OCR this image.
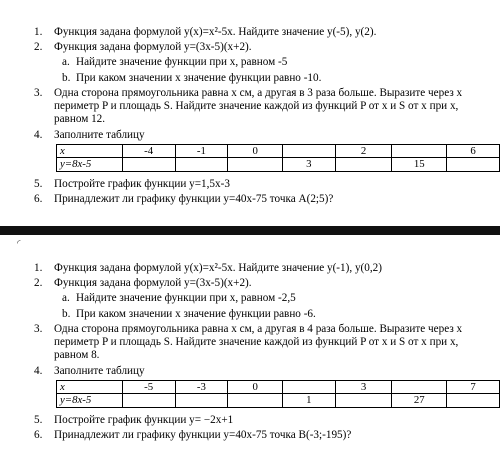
1. Функция задана формулой y(x)=x²-5x. Найдите значение y(-5), y(2).
2. Функция задана формулой y=(3x-5)(x+2).
a. Найдите значение функции при x, равном -5
b. При каком значении x значение функции равно -10.
3. Одна сторона прямоугольника равна x см, а другая в 3 раза больше. Выразите через x периметр P и площадь S. Найдите значение каждой из функций P от x и S от x при x, равном 12.
4. Заполните таблицу
x	-4	-1	0		2		6
y=8x-5				3		15	
5. Постройте график функции y=1,5x-3
6. Принадлежит ли графику функции y=40x-75 точка A(2;5)?
◜
1. Функция задана формулой y(x)=x²-5x. Найдите значение y(-1), y(0,2)
2. Функция задана формулой y=(3x-5)(x+2).
a. Найдите значение функции при x, равном -2,5
b. При каком значении x значение функции равно -6.
3. Одна сторона прямоугольника равна x см, а другая в 4 раза больше. Выразите через x периметр P и площадь S. Найдите значение каждой из функций P от x и S от x при x, равном 8.
4. Заполните таблицу
x	-5	-3	0		3		7
y=8x-5				1		27	
5. Постройте график функции y= −2x+1
6. Принадлежит ли графику функции y=40x-75 точка B(-3;-195)?
